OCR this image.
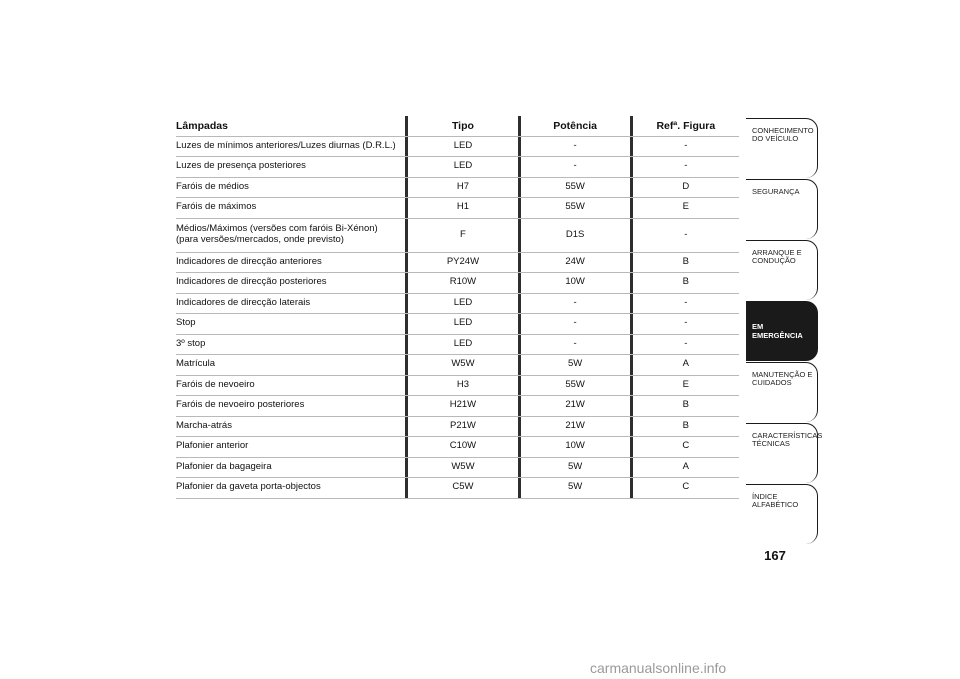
Lâmpadas	Tipo	Potência	Refª. Figura
Luzes de mínimos anteriores/Luzes diurnas (D.R.L.)	LED	-	-
Luzes de presença posteriores	LED	-	-
Faróis de médios	H7	55W	D
Faróis de máximos	H1	55W	E
Médios/Máximos (versões com faróis Bi-Xénon)
(para versões/mercados, onde previsto)	F	D1S	-
Indicadores de direcção anteriores	PY24W	24W	B
Indicadores de direcção posteriores	R10W	10W	B
Indicadores de direcção laterais	LED	-	-
Stop	LED	-	-
3º stop	LED	-	-
Matrícula	W5W	5W	A
Faróis de nevoeiro	H3	55W	E
Faróis de nevoeiro posteriores	H21W	21W	B
Marcha-atrás	P21W	21W	B
Plafonier anterior	C10W	10W	C
Plafonier da bagageira	W5W	5W	A
Plafonier da gaveta porta-objectos	C5W	5W	C
CONHECIMENTO DO VEÍCULO
SEGURANÇA
ARRANQUE E CONDUÇÃO
EM EMERGÊNCIA
MANUTENÇÃO E CUIDADOS
CARACTERÍSTICAS TÉCNICAS
ÍNDICE ALFABÉTICO
167
carmanualsonline.info
